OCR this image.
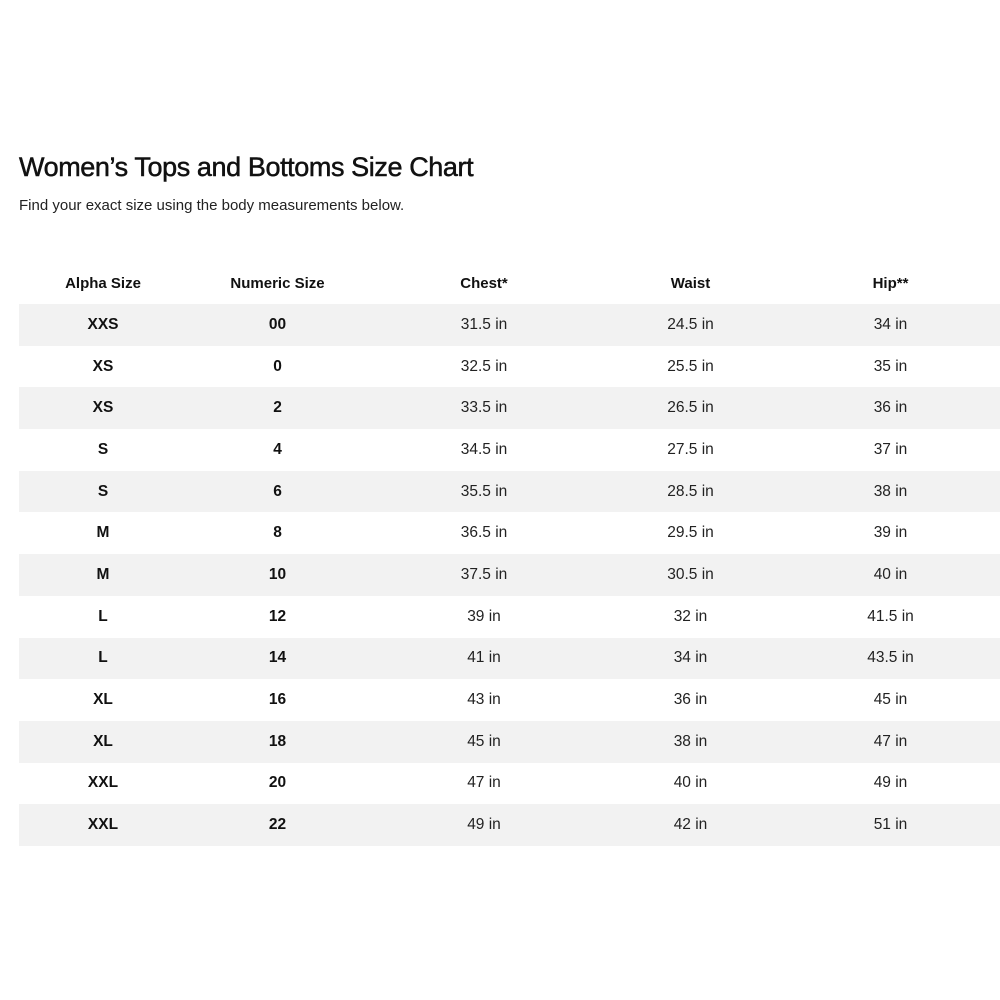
Women’s Tops and Bottoms Size Chart

Find your exact size using the body measurements below.

Alpha Size	Numeric Size	Chest*	Waist	Hip**
XXS	00	31.5 in	24.5 in	34 in
XS	0	32.5 in	25.5 in	35 in
XS	2	33.5 in	26.5 in	36 in
S	4	34.5 in	27.5 in	37 in
S	6	35.5 in	28.5 in	38 in
M	8	36.5 in	29.5 in	39 in
M	10	37.5 in	30.5 in	40 in
L	12	39 in	32 in	41.5 in
L	14	41 in	34 in	43.5 in
XL	16	43 in	36 in	45 in
XL	18	45 in	38 in	47 in
XXL	20	47 in	40 in	49 in
XXL	22	49 in	42 in	51 in
